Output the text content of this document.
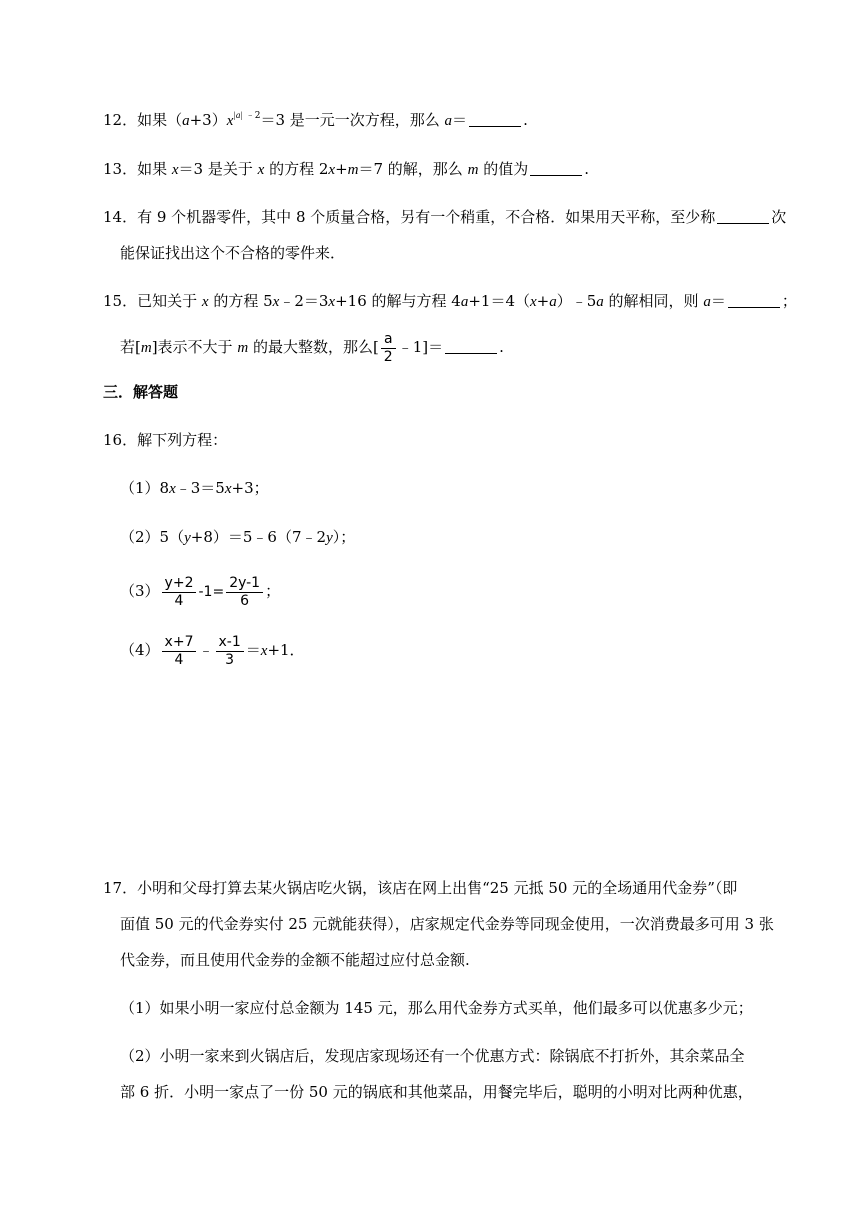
12．如果$(a+3)x^{|a| ﹣2}=3$ 是一元一次方程，那么 a＝	.
13．如果 x＝3 是关于 x 的方程 2x+m＝7 的解，那么 m 的值为	.
14．有 9 个机器零件，其中 8 个质量合格，另有一个稍重，不合格．如果用天平称，至少称	次
能保证找出这个不合格的零件来．
15．已知关于 x 的方程 5x﹣2＝3x+16 的解与方程 4a+1＝4（x+a）﹣5a 的解相同，则 a＝	；
若[m]表示不大于 m 的最大整数，那么[ $\frac{a}{2}$ ﹣1]＝	.
三．解答题
16．解下列方程：
（1）8x﹣3＝5x+3；
（2）5（y+8）＝5﹣6（7﹣2y）；
$(3) \frac{y+2}{4} -1= \frac{2y-1}{6}$ ；
$(4) \frac{x+7}{4}$ ﹣ $\frac{x-1}{3} =x+1$．
17．小明和父母打算去某火锅店吃火锅，该店在网上出售“25 元抵 50 元的全场通用代金券”（即
面值 50 元的代金券实付 25 元就能获得），店家规定代金券等同现金使用，一次消费最多可用 3 张
代金券，而且使用代金券的金额不能超过应付总金额.
（1）如果小明一家应付总金额为 145 元，那么用代金券方式买单，他们最多可以优惠多少元；
（2）小明一家来到火锅店后，发现店家现场还有一个优惠方式：除锅底不打折外，其余菜品全
部 6 折．小明一家点了一份 50 元的锅底和其他菜品，用餐完毕后，聪明的小明对比两种优惠，
